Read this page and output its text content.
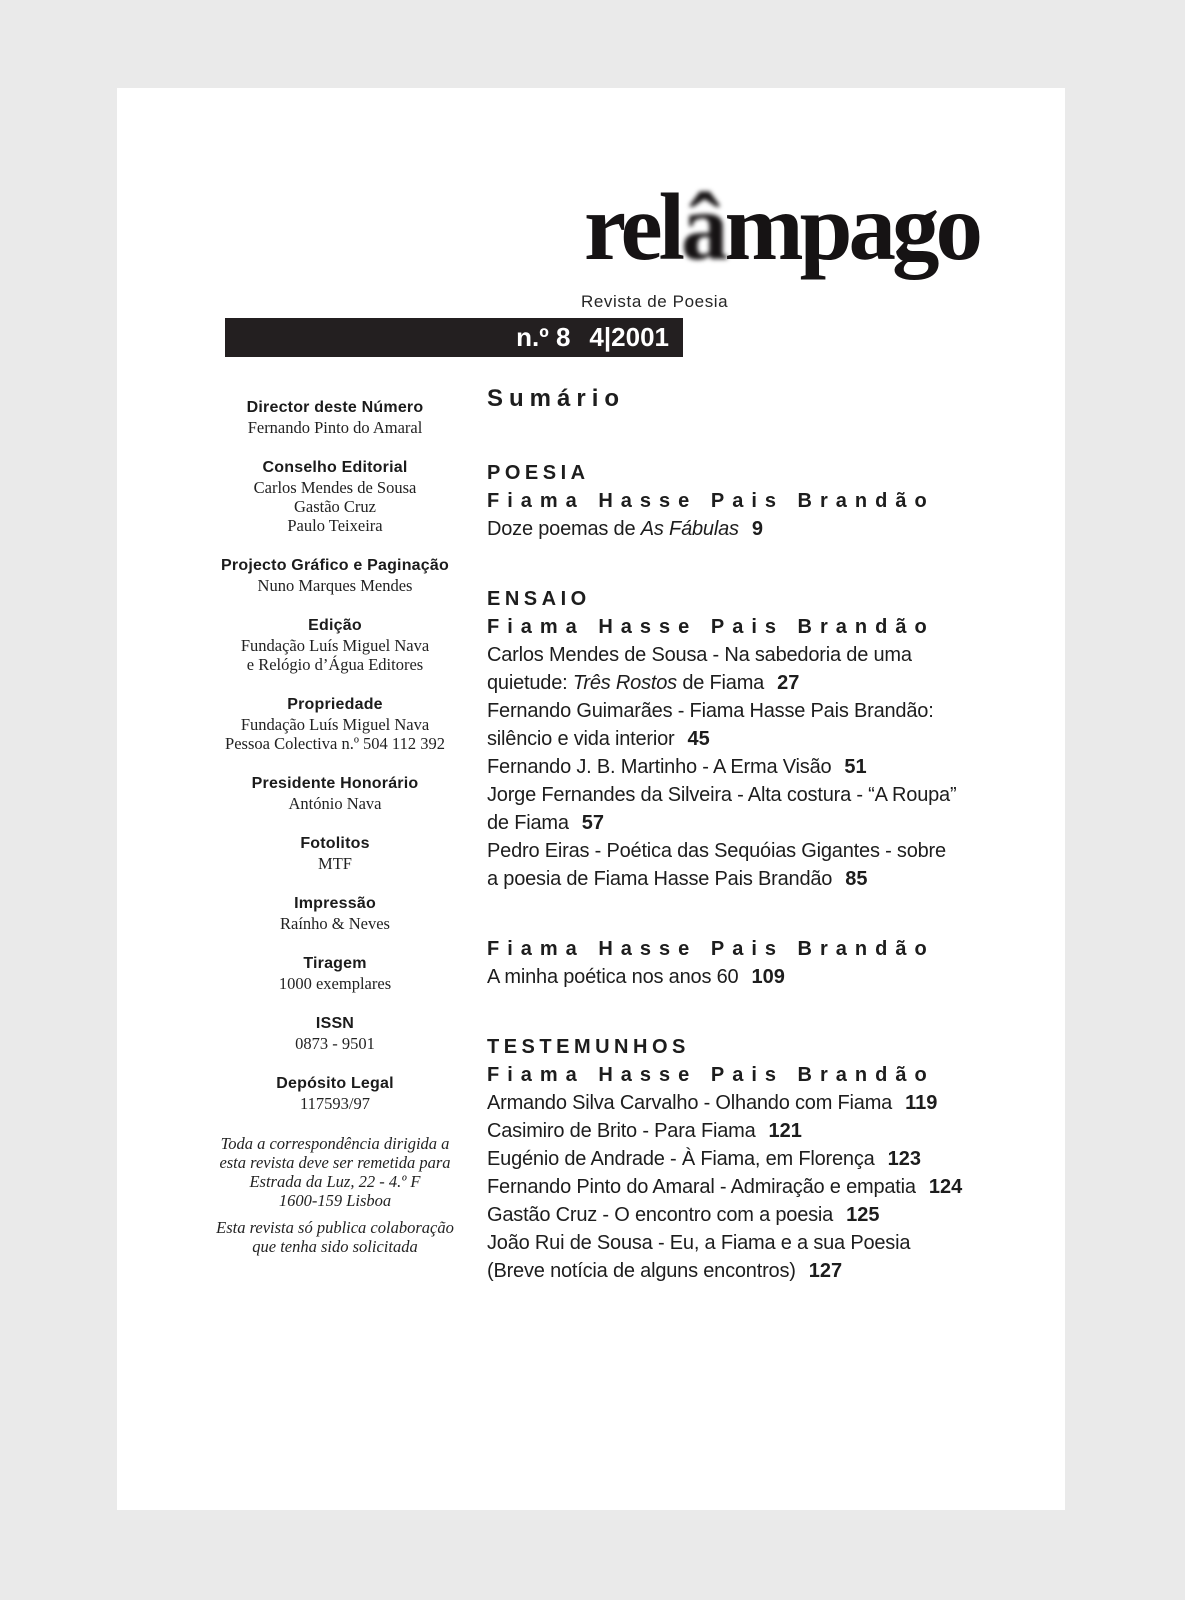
relâmpago
Revista de Poesia
n.º 8 4|2001
Director deste Número
Fernando Pinto do Amaral
Conselho Editorial
Carlos Mendes de Sousa
Gastão Cruz
Paulo Teixeira
Projecto Gráfico e Paginação
Nuno Marques Mendes
Edição
Fundação Luís Miguel Nava
e Relógio d’Água Editores
Propriedade
Fundação Luís Miguel Nava
Pessoa Colectiva n.º 504 112 392
Presidente Honorário
António Nava
Fotolitos
MTF
Impressão
Raínho & Neves
Tiragem
1000 exemplares
ISSN
0873 - 9501
Depósito Legal
117593/97
Toda a correspondência dirigida a
esta revista deve ser remetida para
Estrada da Luz, 22 - 4.º F
1600-159 Lisboa
Esta revista só publica colaboração
que tenha sido solicitada
Sumário
POESIA
Fiama Hasse Pais Brandão
Doze poemas de As Fábulas 9
ENSAIO
Fiama Hasse Pais Brandão
Carlos Mendes de Sousa - Na sabedoria de uma
quietude: Três Rostos de Fiama 27
Fernando Guimarães - Fiama Hasse Pais Brandão:
silêncio e vida interior 45
Fernando J. B. Martinho - A Erma Visão 51
Jorge Fernandes da Silveira - Alta costura - “A Roupa”
de Fiama 57
Pedro Eiras - Poética das Sequóias Gigantes - sobre
a poesia de Fiama Hasse Pais Brandão 85
Fiama Hasse Pais Brandão
A minha poética nos anos 60 109
TESTEMUNHOS
Fiama Hasse Pais Brandão
Armando Silva Carvalho - Olhando com Fiama 119
Casimiro de Brito - Para Fiama 121
Eugénio de Andrade - À Fiama, em Florença 123
Fernando Pinto do Amaral - Admiração e empatia 124
Gastão Cruz - O encontro com a poesia 125
João Rui de Sousa - Eu, a Fiama e a sua Poesia
(Breve notícia de alguns encontros) 127
